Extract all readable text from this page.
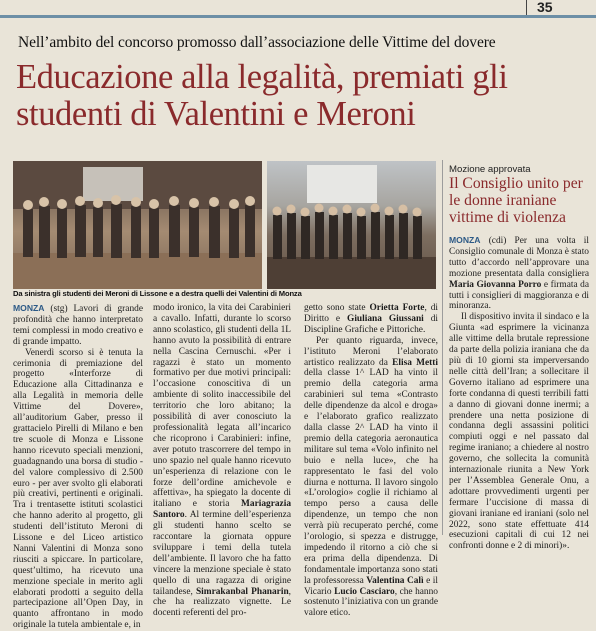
35
Nell’ambito del concorso promosso dall’associazione delle Vittime del dovere
Educazione alla legalità, premiati gli studenti di Valentini e Meroni
Da sinistra gli studenti dei Meroni di Lissone e a destra quelli dei Valentini di Monza

MONZA (stg) Lavori di grande profondità che hanno interpretato temi complessi in modo creativo e di grande impatto.

Venerdì scorso si è tenuta la cerimonia di premiazione del progetto «Interforze di Educazione alla Cittadinanza e alla Legalità in memoria delle Vittime del Dovere», all’auditorium Gaber, presso il grattacielo Pirelli di Milano e ben tre scuole di Monza e Lissone hanno ricevuto speciali menzioni, guadagnando una borsa di studio - del valore complessivo di 2.500 euro - per aver svolto gli elaborati più creativi, pertinenti e originali. Tra i trentasette istituti scolastici che hanno aderito al progetto, gli studenti dell’istituto Meroni di Lissone e del Liceo artistico Nanni Valentini di Monza sono riusciti a spiccare. In particolare, quest’ultimo, ha ricevuto una menzione speciale in merito agli elaborati prodotti a seguito della partecipazione all’Open Day, in quanto affrontano in modo originale la tutela ambientale e, in

modo ironico, la vita dei Carabinieri a cavallo. Infatti, durante lo scorso anno scolastico, gli studenti della 1L hanno avuto la possibilità di entrare nella Cascina Cernuschi. «Per i ragazzi è stato un momento formativo per due motivi principali: l’occasione conoscitiva di un ambiente di solito inaccessibile del territorio che loro abitano; la possibilità di aver conosciuto la professionalità legata all’incarico che ricoprono i Carabinieri: infine, aver potuto trascorrere del tempo in uno spazio nel quale hanno ricevuto un’esperienza di relazione con le forze dell’ordine amichevole e affettiva», ha spiegato la docente di italiano e storia Mariagrazia Santoro. Al termine dell’esperienza gli studenti hanno scelto se raccontare la giornata oppure sviluppare i temi della tutela dell’ambiente. Il lavoro che ha fatto vincere la menzione speciale è stato quello di una ragazza di origine tailandese, Simrakanbal Phanarin, che ha realizzato vignette. Le docenti referenti del pro-

getto sono state Orietta Forte, di Diritto e Giuliana Giussani di Discipline Grafiche e Pittoriche.

Per quanto riguarda, invece, l’istituto Meroni l’elaborato artistico realizzato da Elisa Metti della classe 1^ LAD ha vinto il premio della categoria arma carabinieri sul tema «Contrasto delle dipendenze da alcol e droga» e l’elaborato grafico realizzato dalla classe 2^ LAD ha vinto il premio della categoria aeronautica militare sul tema «Volo infinito nel buio e nella luce», che ha rappresentato le fasi del volo diurna e notturna. Il lavoro singolo «L’orologio» coglie il richiamo al tempo perso a causa delle dipendenze, un tempo che non verrà più recuperato perché, come l’orologio, si spezza e distrugge, impedendo il ritorno a ciò che si era prima della dipendenza. Di fondamentale importanza sono stati la professoressa Valentina Calì e il Vicario Lucio Casciaro, che hanno sostenuto l’iniziativa con un grande valore etico.

Mozione approvata
Il Consiglio unito per le donne iraniane vittime di violenza

MONZA (cdi) Per una volta il Consiglio comunale di Monza è stato tutto d’accordo nell’approvare una mozione presentata dalla consigliera Maria Giovanna Porro e firmata da tutti i consiglieri di maggioranza e di minoranza.

Il dispositivo invita il sindaco e la Giunta «ad esprimere la vicinanza alle vittime della brutale repressione da parte della polizia iraniana che da più di 10 giorni sta imperversando nelle città dell’Iran; a sollecitare il Governo italiano ad esprimere una forte condanna di questi terribili fatti a danno di giovani donne inermi; a prendere una netta posizione di condanna degli assassini politici compiuti oggi e nel passato dal regime iraniano; a chiedere al nostro governo, che sollecita la comunità internazionale riunita a New York per l’Assemblea Generale Onu, a adottare provvedimenti urgenti per fermare l’uccisione di massa di giovani iraniane ed iraniani (solo nel 2022, sono state effettuate 414 esecuzioni capitali di cui 12 nei confronti donne e 2 di minori)».
